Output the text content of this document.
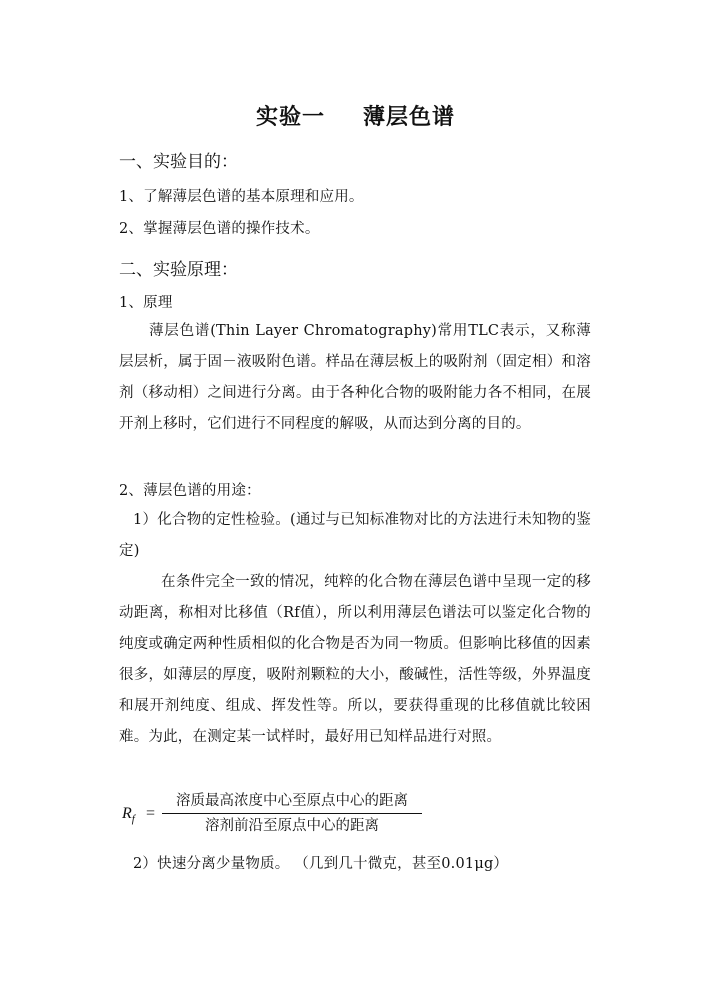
实验一 薄层色谱
一、实验目的：
1、了解薄层色谱的基本原理和应用。
2、掌握薄层色谱的操作技术。
二、实验原理：
1、原理
薄层色谱(Thin Layer Chromatography)常用TLC表示，又称薄层层析，属于固－液吸附色谱。样品在薄层板上的吸附剂（固定相）和溶剂（移动相）之间进行分离。由于各种化合物的吸附能力各不相同，在展开剂上移时，它们进行不同程度的解吸，从而达到分离的目的。
2、薄层色谱的用途：
1）化合物的定性检验。(通过与已知标准物对比的方法进行未知物的鉴定)
在条件完全一致的情况，纯粹的化合物在薄层色谱中呈现一定的移动距离，称相对比移值（Rf值），所以利用薄层色谱法可以鉴定化合物的纯度或确定两种性质相似的化合物是否为同一物质。但影响比移值的因素很多，如薄层的厚度，吸附剂颗粒的大小，酸碱性，活性等级，外界温度和展开剂纯度、组成、挥发性等。所以，要获得重现的比移值就比较困难。为此，在测定某一试样时，最好用已知样品进行对照。
$R_f$ =
溶质最高浓度中心至原点中心的距离
溶剂前沿至原点中心的距离
2）快速分离少量物质。 （几到几十微克，甚至0.01μg）
